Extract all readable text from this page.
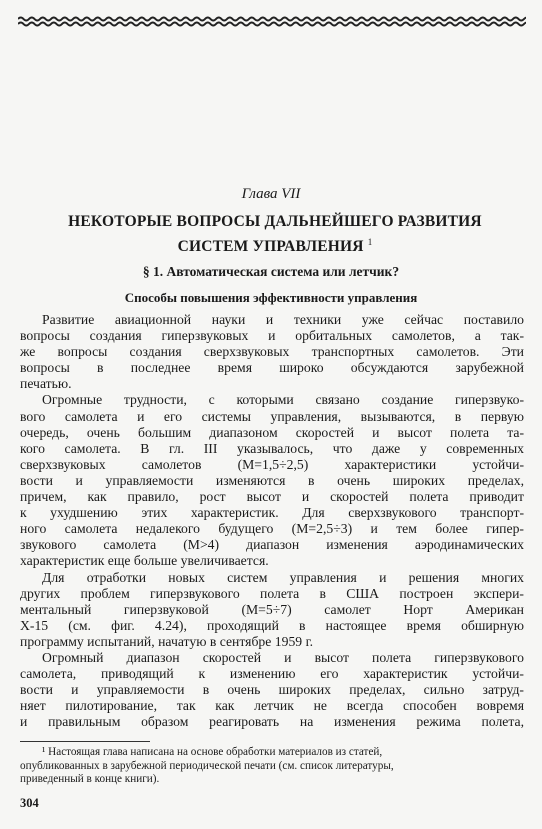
Глава VII
НЕКОТОРЫЕ ВОПРОСЫ ДАЛЬНЕЙШЕГО РАЗВИТИЯ
СИСТЕМ УПРАВЛЕНИЯ $^1$
§ 1. Автоматическая система или летчик?
Способы повышения эффективности управления

Развитие авиационной науки и техники уже сейчас поставило

вопросы создания гиперзвуковых и орбитальных самолетов, а так-

же вопросы создания сверхзвуковых транспортных самолетов. Эти

вопросы в последнее время широко обсуждаются зарубежной

печатью.

Огромные трудности, с которыми связано создание гиперзвуко-

вого самолета и его системы управления, вызываются, в первую

очередь, очень большим диапазоном скоростей и высот полета та-

кого самолета. В гл. III указывалось, что даже у современных

сверхзвуковых самолетов (M=1,5÷2,5) характеристики устойчи-

вости и управляемости изменяются в очень широких пределах,

причем, как правило, рост высот и скоростей полета приводит

к ухудшению этих характеристик. Для сверхзвукового транспорт-

ного самолета недалекого будущего (M=2,5÷3) и тем более гипер-

звукового самолета (M>4) диапазон изменения аэродинамических

характеристик еще больше увеличивается.

Для отработки новых систем управления и решения многих

других проблем гиперзвукового полета в США построен экспери-

ментальный гиперзвуковой (M=5÷7) самолет Норт Американ

X-15 (см. фиг. 4.24), проходящий в настоящее время обширную

программу испытаний, начатую в сентябре 1959 г.

Огромный диапазон скоростей и высот полета гиперзвукового

самолета, приводящий к изменению его характеристик устойчи-

вости и управляемости в очень широких пределах, сильно затруд-

няет пилотирование, так как летчик не всегда способен вовремя

и правильным образом реагировать на изменения режима полета,

¹ Настоящая глава написана на основе обработки материалов из статей,

опубликованных в зарубежной периодической печати (см. список литературы,

приведенный в конце книги).

304
